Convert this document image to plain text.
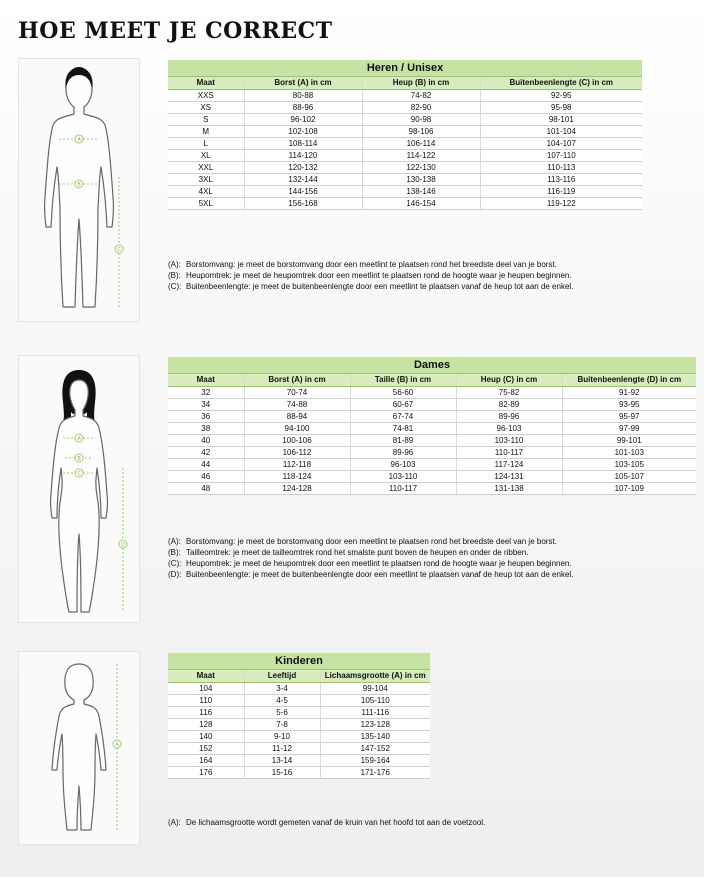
HOE MEET JE CORRECT
A
B
C
Heren / Unisex			
Maat	Borst (A) in cm	Heup (B) in cm	Buitenbeenlengte (C) in cm
XXS	80-88	74-82	92-95
XS	88-96	82-90	95-98
S	96-102	90-98	98-101
M	102-108	98-106	101-104
L	108-114	106-114	104-107
XL	114-120	114-122	107-110
XXL	120-132	122-130	110-113
3XL	132-144	130-138	113-116
4XL	144-156	138-146	116-119
5XL	156-168	146-154	119-122
(A): Borstomvang: je meet de borstomvang door een meetlint te plaatsen rond het breedste deel van je borst.
(B): Heupomtrek: je meet de heupomtrek door een meetlint te plaatsen rond de hoogte waar je heupen beginnen.
(C): Buitenbeenlengte: je meet de buitenbeenlengte door een meetlint te plaatsen vanaf de heup tot aan de enkel.
A
B
C
D
Dames				
Maat	Borst (A) in cm	Taille (B) in cm	Heup (C) in cm	Buitenbeenlengte (D) in cm
32	70-74	56-60	75-82	91-92
34	74-88	60-67	82-89	93-95
36	88-94	67-74	89-96	95-97
38	94-100	74-81	96-103	97-99
40	100-106	81-89	103-110	99-101
42	106-112	89-96	110-117	101-103
44	112-118	96-103	117-124	103-105
46	118-124	103-110	124-131	105-107
48	124-128	110-117	131-138	107-109
(A): Borstomvang: je meet de borstomvang door een meetlint te plaatsen rond het breedste deel van je borst.
(B): Tailleomtrek: je meet de tailleomtrek rond het smalste punt boven de heupen en onder de ribben.
(C): Heupomtrek: je meet de heupomtrek door een meetlint te plaatsen rond de hoogte waar je heupen beginnen.
(D): Buitenbeenlengte: je meet de buitenbeenlengte door een meetlint te plaatsen vanaf de heup tot aan de enkel.
A
Kinderen		
Maat	Leeftijd	Lichaamsgrootte (A) in cm
104	3-4	99-104
110	4-5	105-110
116	5-6	111-116
128	7-8	123-128
140	9-10	135-140
152	11-12	147-152
164	13-14	159-164
176	15-16	171-176
(A): De lichaamsgrootte wordt gemeten vanaf de kruin van het hoofd tot aan de voetzool.
